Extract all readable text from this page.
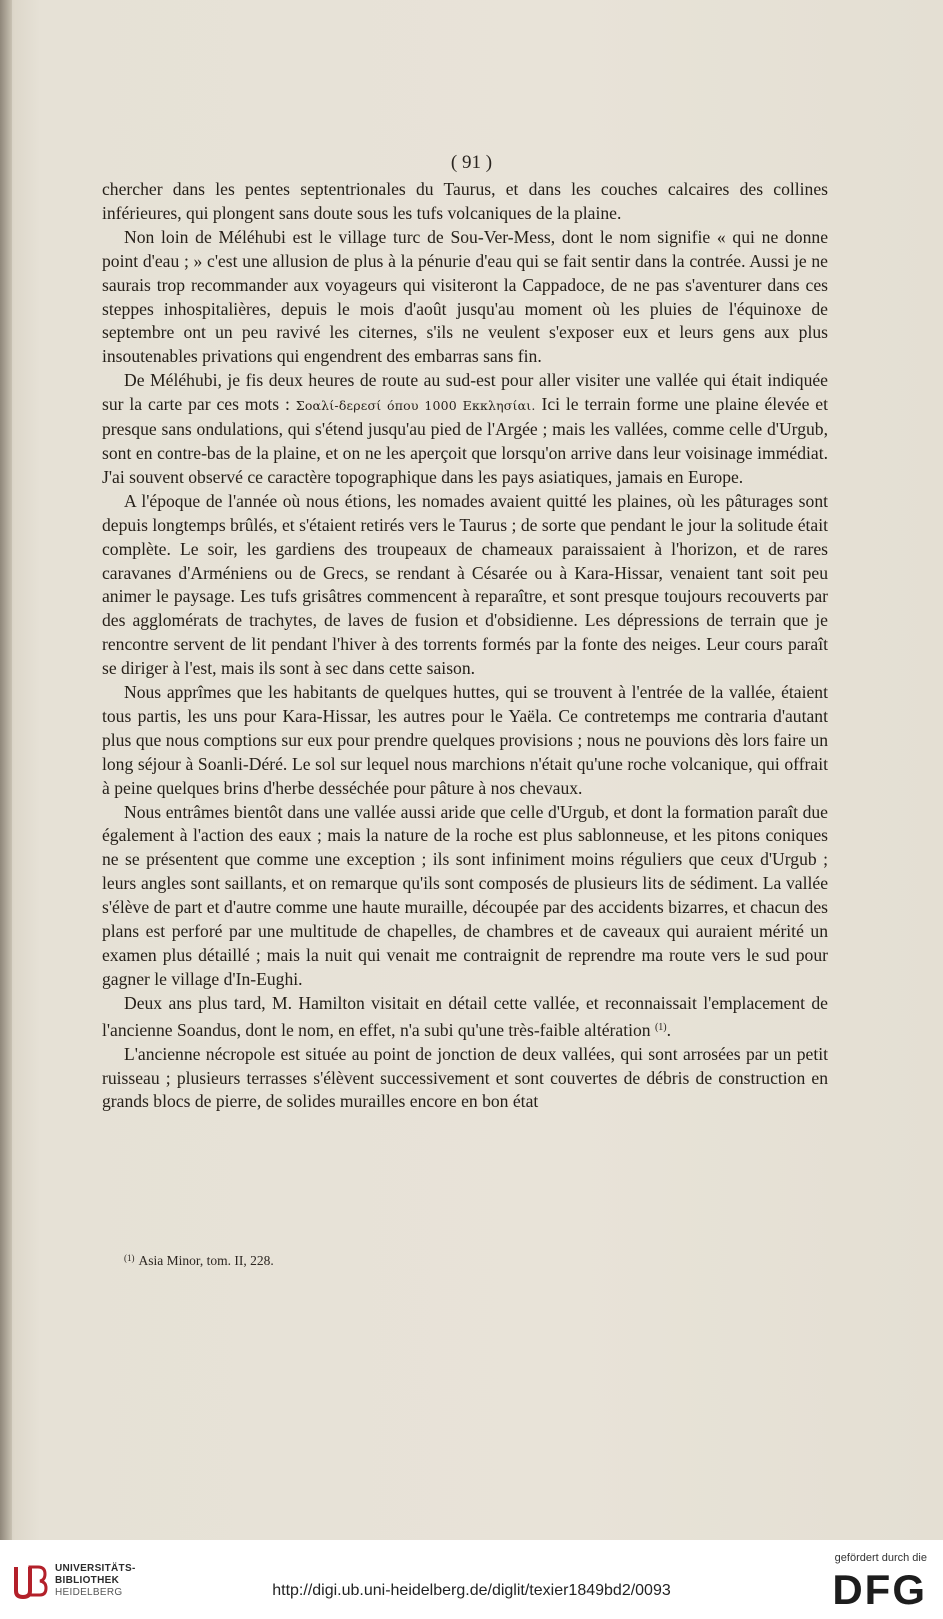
( 91 )

chercher dans les pentes septentrionales du Taurus, et dans les couches calcaires des collines inférieures, qui plongent sans doute sous les tufs volcaniques de la plaine.

Non loin de Méléhubi est le village turc de Sou-Ver-Mess, dont le nom signifie « qui ne donne point d'eau ; » c'est une allusion de plus à la pénurie d'eau qui se fait sentir dans la contrée. Aussi je ne saurais trop recommander aux voyageurs qui visiteront la Cappadoce, de ne pas s'aventurer dans ces steppes inhospitalières, depuis le mois d'août jusqu'au moment où les pluies de l'équinoxe de septembre ont un peu ravivé les citernes, s'ils ne veulent s'exposer eux et leurs gens aux plus insoutenables privations qui engendrent des embarras sans fin.

De Méléhubi, je fis deux heures de route au sud-est pour aller visiter une vallée qui était indiquée sur la carte par ces mots : Σοαλί-δερεσί όπου 1000 Εκκλησίαι. Ici le terrain forme une plaine élevée et presque sans ondulations, qui s'étend jusqu'au pied de l'Argée ; mais les vallées, comme celle d'Urgub, sont en contre-bas de la plaine, et on ne les aperçoit que lorsqu'on arrive dans leur voisinage immédiat. J'ai souvent observé ce caractère topographique dans les pays asiatiques, jamais en Europe.

A l'époque de l'année où nous étions, les nomades avaient quitté les plaines, où les pâturages sont depuis longtemps brûlés, et s'étaient retirés vers le Taurus ; de sorte que pendant le jour la solitude était complète. Le soir, les gardiens des troupeaux de chameaux paraissaient à l'horizon, et de rares caravanes d'Arméniens ou de Grecs, se rendant à Césarée ou à Kara-Hissar, venaient tant soit peu animer le paysage. Les tufs grisâtres commencent à reparaître, et sont presque toujours recouverts par des agglomérats de trachytes, de laves de fusion et d'obsidienne. Les dépressions de terrain que je rencontre servent de lit pendant l'hiver à des torrents formés par la fonte des neiges. Leur cours paraît se diriger à l'est, mais ils sont à sec dans cette saison.

Nous apprîmes que les habitants de quelques huttes, qui se trouvent à l'entrée de la vallée, étaient tous partis, les uns pour Kara-Hissar, les autres pour le Yaëla. Ce contretemps me contraria d'autant plus que nous comptions sur eux pour prendre quelques provisions ; nous ne pouvions dès lors faire un long séjour à Soanli-Déré. Le sol sur lequel nous marchions n'était qu'une roche volcanique, qui offrait à peine quelques brins d'herbe desséchée pour pâture à nos chevaux.

Nous entrâmes bientôt dans une vallée aussi aride que celle d'Urgub, et dont la formation paraît due également à l'action des eaux ; mais la nature de la roche est plus sablonneuse, et les pitons coniques ne se présentent que comme une exception ; ils sont infiniment moins réguliers que ceux d'Urgub ; leurs angles sont saillants, et on remarque qu'ils sont composés de plusieurs lits de sédiment. La vallée s'élève de part et d'autre comme une haute muraille, découpée par des accidents bizarres, et chacun des plans est perforé par une multitude de chapelles, de chambres et de caveaux qui auraient mérité un examen plus détaillé ; mais la nuit qui venait me contraignit de reprendre ma route vers le sud pour gagner le village d'In-Eughi.

Deux ans plus tard, M. Hamilton visitait en détail cette vallée, et reconnaissait l'emplacement de l'ancienne Soandus, dont le nom, en effet, n'a subi qu'une très-faible altération $^{(1)}$.

L'ancienne nécropole est située au point de jonction de deux vallées, qui sont arrosées par un petit ruisseau ; plusieurs terrasses s'élèvent successivement et sont couvertes de débris de construction en grands blocs de pierre, de solides murailles encore en bon état

$^{(1)}$ Asia Minor, tom. II, 228.
UNIVERSITÄTS-
BIBLIOTHEK
HEIDELBERG	http://digi.ub.uni-heidelberg.de/diglit/texier1849bd2/0093
gefördert durch die
DFG
